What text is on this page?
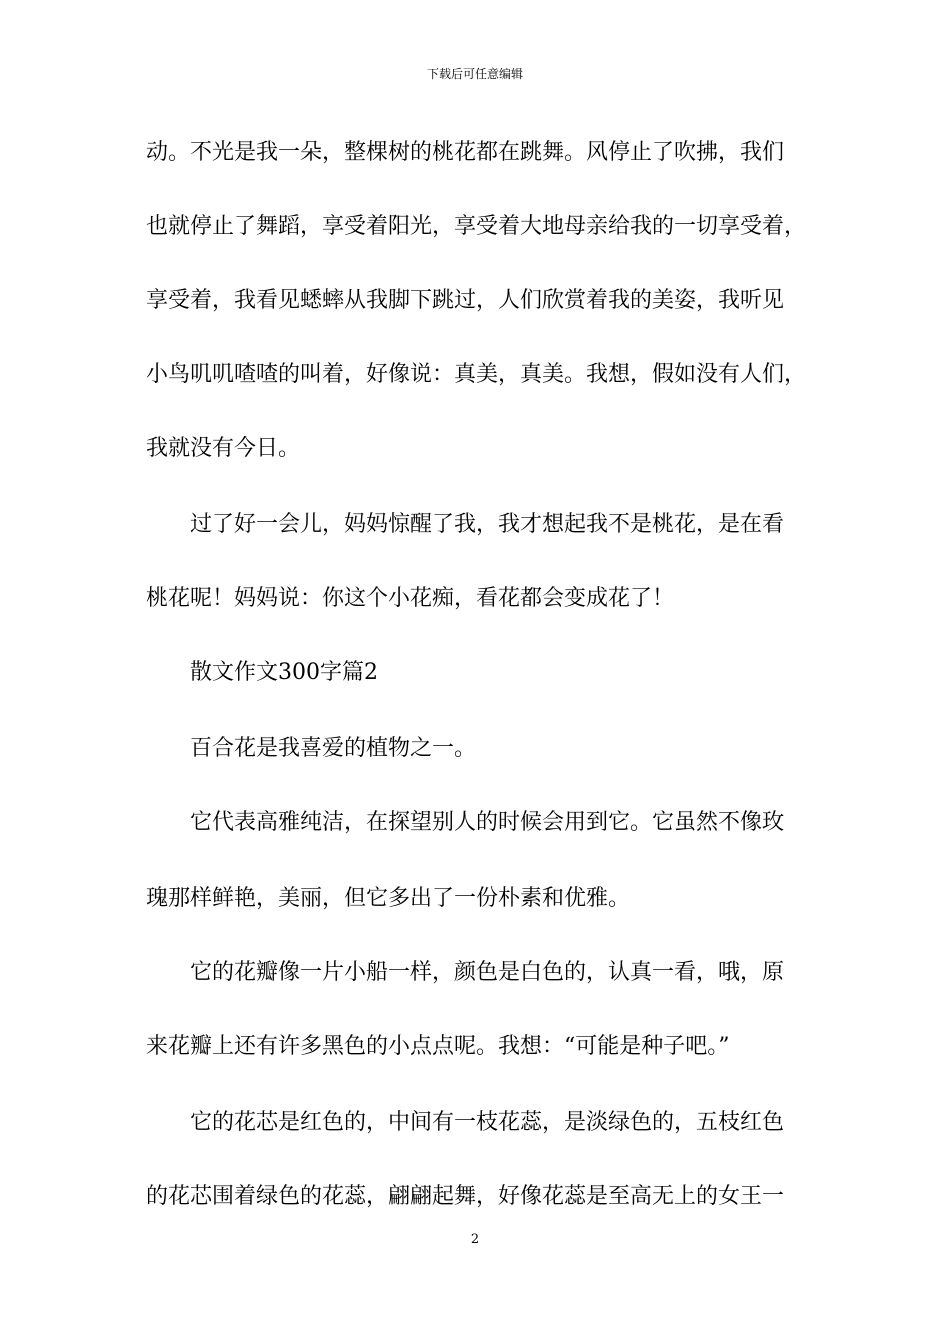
下载后可任意编辑
动。不光是我一朵，整棵树的桃花都在跳舞。风停止了吹拂，我们
也就停止了舞蹈，享受着阳光，享受着大地母亲给我的一切享受着，
享受着，我看见蟋蟀从我脚下跳过，人们欣赏着我的美姿，我听见
小鸟叽叽喳喳的叫着，好像说：真美，真美。我想，假如没有人们，
我就没有今日。
过了好一会儿，妈妈惊醒了我，我才想起我不是桃花，是在看
桃花呢！妈妈说：你这个小花痴，看花都会变成花了！
散文作文300字篇2
百合花是我喜爱的植物之一。
它代表高雅纯洁，在探望别人的时候会用到它。它虽然不像玫
瑰那样鲜艳，美丽，但它多出了一份朴素和优雅。
它的花瓣像一片小船一样，颜色是白色的，认真一看，哦，原
来花瓣上还有许多黑色的小点点呢。我想：“可能是种子吧。”
它的花芯是红色的，中间有一枝花蕊，是淡绿色的，五枝红色
的花芯围着绿色的花蕊，翩翩起舞，好像花蕊是至高无上的女王一
2
